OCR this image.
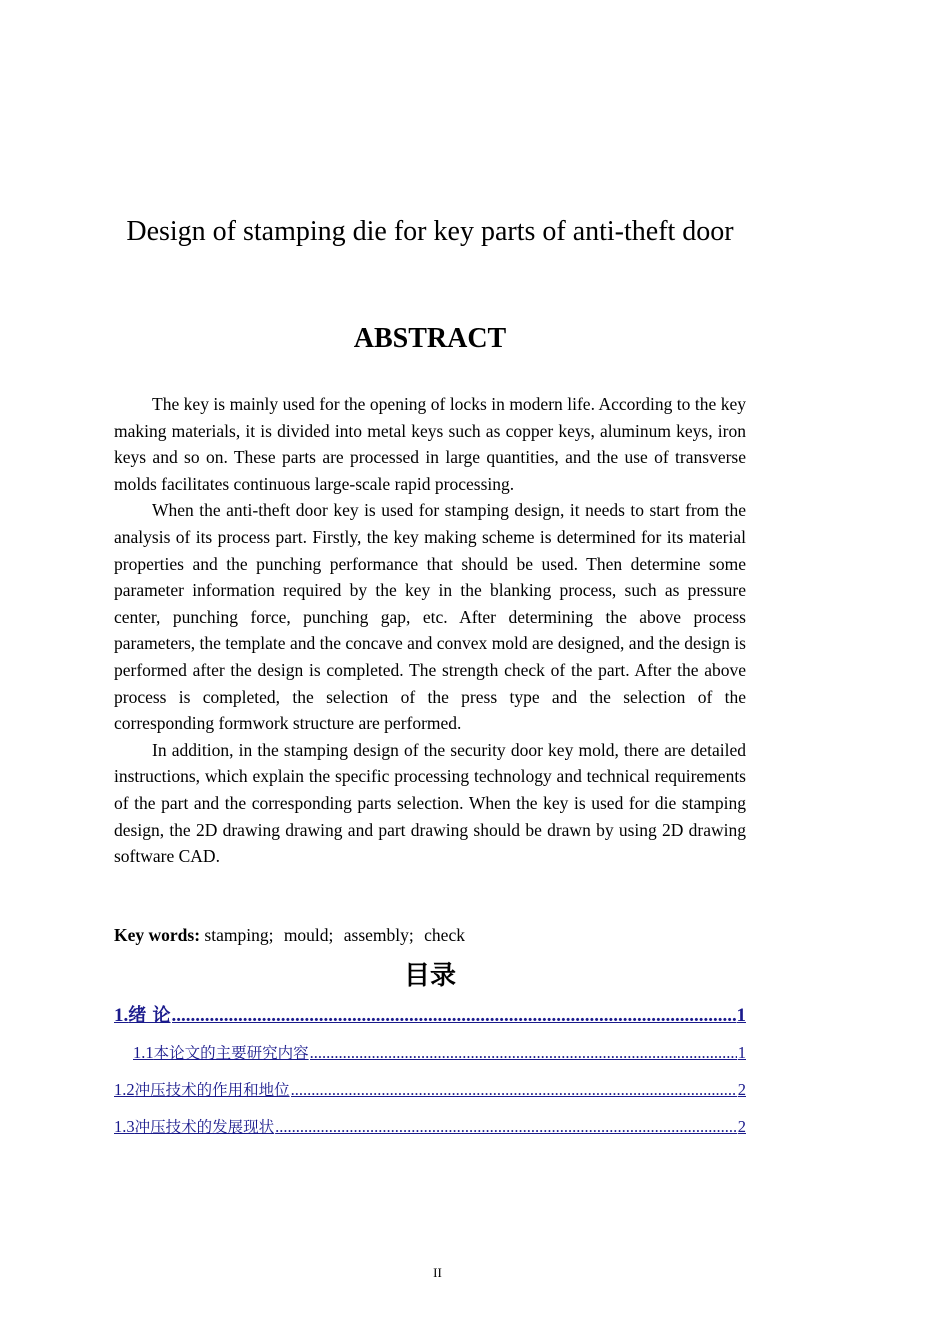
Design of stamping die for key parts of anti-theft door
ABSTRACT

The key is mainly used for the opening of locks in modern life. According to the key making materials, it is divided into metal keys such as copper keys, aluminum keys, iron keys and so on. These parts are processed in large quantities, and the use of transverse molds facilitates continuous large-scale rapid processing.

When the anti-theft door key is used for stamping design, it needs to start from the analysis of its process part. Firstly, the key making scheme is determined for its material properties and the punching performance that should be used. Then determine some parameter information required by the key in the blanking process, such as pressure center, punching force, punching gap, etc. After determining the above process parameters, the template and the concave and convex mold are designed, and the design is performed after the design is completed. The strength check of the part. After the above process is completed, the selection of the press type and the selection of the corresponding formwork structure are performed.

In addition, in the stamping design of the security door key mold, there are detailed instructions, which explain the specific processing technology and technical requirements of the part and the corresponding parts selection. When the key is used for die stamping design, the 2D drawing drawing and part drawing should be drawn by using 2D drawing software CAD.

Key words: stamping; mould; assembly; check
目录
1. 绪 论 .....	1
1.1 本论文的主要研究内容 .....	1
1.2 冲压技术的作用和地位 .....	2
1.3 冲压技术的发展现状 .....	2
II
